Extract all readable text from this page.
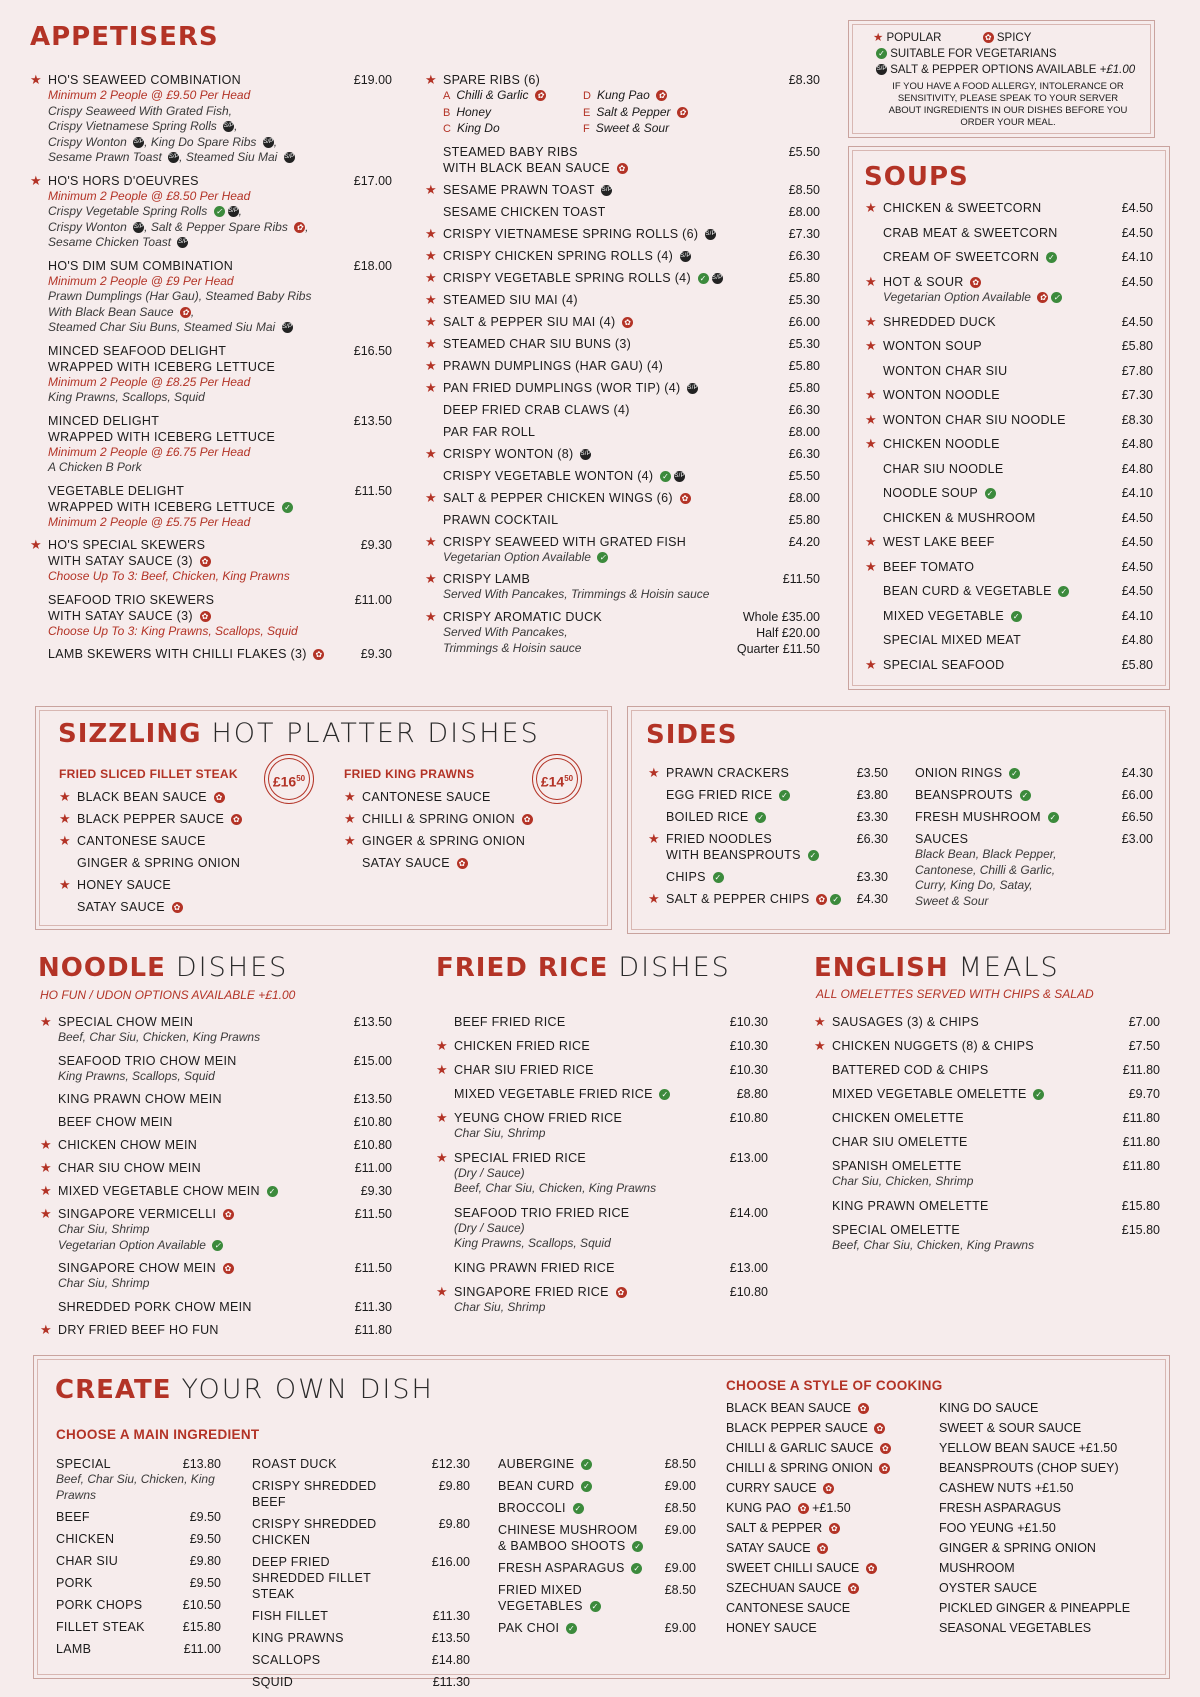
APPETISERS
★ HO'S SEAWEED COMBINATION	£19.00
Minimum 2 People @ £9.50 Per Head
Crispy Seaweed With Grated Fish,
Crispy Vietnamese Spring Rolls S/P,
Crispy Wonton S/P, King Do Spare Ribs S/P,
Sesame Prawn Toast S/P, Steamed Siu Mai S/P
★ HO'S HORS D'OEUVRES	£17.00
Minimum 2 People @ £8.50 Per Head
Crispy Vegetable Spring Rolls ✓ S/P,
Crispy Wonton S/P, Salt & Pepper Spare Ribs ✿ ,
Sesame Chicken Toast S/P
HO'S DIM SUM COMBINATION	£18.00
Minimum 2 People @ £9 Per Head
Prawn Dumplings (Har Gau), Steamed Baby Ribs
With Black Bean Sauce ✿ ,
Steamed Char Siu Buns, Steamed Siu Mai S/P
MINCED SEAFOOD DELIGHT	£16.50

WRAPPED WITH ICEBERG LETTUCE
Minimum 2 People @ £8.25 Per Head
King Prawns, Scallops, Squid
MINCED DELIGHT	£13.50

WRAPPED WITH ICEBERG LETTUCE
Minimum 2 People @ £6.75 Per Head
A Chicken B Pork
VEGETABLE DELIGHT	£11.50

WRAPPED WITH ICEBERG LETTUCE ✓
Minimum 2 People @ £5.75 Per Head
★ HO'S SPECIAL SKEWERS	£9.30

WITH SATAY SAUCE (3) ✿
Choose Up To 3: Beef, Chicken, King Prawns
SEAFOOD TRIO SKEWERS	£11.00

WITH SATAY SAUCE (3) ✿
Choose Up To 3: King Prawns, Scallops, Squid
LAMB SKEWERS WITH CHILLI FLAKES (3) ✿	£9.30
★ SPARE RIBS (6)	£8.30
A Chilli & Garlic ✿	D Kung Pao ✿
B Honey	E Salt & Pepper ✿
C King Do	F Sweet & Sour
STEAMED BABY RIBS	£5.50

WITH BLACK BEAN SAUCE ✿
★ SESAME PRAWN TOAST S/P	£8.50
SESAME CHICKEN TOAST	£8.00
★ CRISPY VIETNAMESE SPRING ROLLS (6) S/P	£7.30
★ CRISPY CHICKEN SPRING ROLLS (4) S/P	£6.30
★ CRISPY VEGETABLE SPRING ROLLS (4) ✓ S/P	£5.80
★ STEAMED SIU MAI (4)	£5.30
★ SALT & PEPPER SIU MAI (4) ✿	£6.00
★ STEAMED CHAR SIU BUNS (3)	£5.30
★ PRAWN DUMPLINGS (HAR GAU) (4)	£5.80
★ PAN FRIED DUMPLINGS (WOR TIP) (4) S/P	£5.80
DEEP FRIED CRAB CLAWS (4)	£6.30
PAR FAR ROLL	£8.00
★ CRISPY WONTON (8) S/P	£6.30
CRISPY VEGETABLE WONTON (4) ✓ S/P	£5.50
★ SALT & PEPPER CHICKEN WINGS (6) ✿	£8.00
PRAWN COCKTAIL	£5.80
★ CRISPY SEAWEED WITH GRATED FISH	£4.20
Vegetarian Option Available ✓
★ CRISPY LAMB	£11.50
Served With Pancakes, Trimmings & Hoisin sauce
★ CRISPY AROMATIC DUCK	Whole £35.00
Served With Pancakes,
Trimmings & Hoisin sauce
Half £20.00
Quarter £11.50
★ POPULAR	✿ SPICY
✓ SUITABLE FOR VEGETARIANS
S/P SALT & PEPPER OPTIONS AVAILABLE +£1.00
IF YOU HAVE A FOOD ALLERGY, INTOLERANCE OR SENSITIVITY, PLEASE SPEAK TO YOUR SERVER ABOUT INGREDIENTS IN OUR DISHES BEFORE YOU ORDER YOUR MEAL.
SOUPS
★ CHICKEN & SWEETCORN	£4.50
CRAB MEAT & SWEETCORN	£4.50
CREAM OF SWEETCORN ✓	£4.10
★ HOT & SOUR ✿	£4.50
Vegetarian Option Available ✿ ✓
★ SHREDDED DUCK	£4.50
★ WONTON SOUP	£5.80
WONTON CHAR SIU	£7.80
★ WONTON NOODLE	£7.30
★ WONTON CHAR SIU NOODLE	£8.30
★ CHICKEN NOODLE	£4.80
CHAR SIU NOODLE	£4.80
NOODLE SOUP ✓	£4.10
CHICKEN & MUSHROOM	£4.50
★ WEST LAKE BEEF	£4.50
★ BEEF TOMATO	£4.50
BEAN CURD & VEGETABLE ✓	£4.50
MIXED VEGETABLE ✓	£4.10
SPECIAL MIXED MEAT	£4.80
★ SPECIAL SEAFOOD	£5.80
SIZZLING HOT PLATTER DISHES
FRIED SLICED FILLET STEAK	$£16^{50}$
★ BLACK BEAN SAUCE ✿
★ BLACK PEPPER SAUCE ✿
★ CANTONESE SAUCE
GINGER & SPRING ONION
★ HONEY SAUCE
SATAY SAUCE ✿
FRIED KING PRAWNS	$£14^{50}$
★ CANTONESE SAUCE
★ CHILLI & SPRING ONION ✿
★ GINGER & SPRING ONION
SATAY SAUCE ✿
SIDES
★ PRAWN CRACKERS	£3.50
EGG FRIED RICE ✓	£3.80
BOILED RICE ✓	£3.30
★ FRIED NOODLES	£6.30

WITH BEANSPROUTS ✓
CHIPS ✓	£3.30
★ SALT & PEPPER CHIPS ✿ ✓ £4.30
ONION RINGS ✓	£4.30
BEANSPROUTS ✓	£6.00
FRESH MUSHROOM ✓	£6.50
SAUCES	£3.00
Black Bean, Black Pepper,
Cantonese, Chilli & Garlic,
Curry, King Do, Satay,
Sweet & Sour
NOODLE DISHES
HO FUN / UDON OPTIONS AVAILABLE +£1.00
★ SPECIAL CHOW MEIN	£13.50
Beef, Char Siu, Chicken, King Prawns
SEAFOOD TRIO CHOW MEIN	£15.00
King Prawns, Scallops, Squid
KING PRAWN CHOW MEIN	£13.50
BEEF CHOW MEIN	£10.80
★ CHICKEN CHOW MEIN	£10.80
★ CHAR SIU CHOW MEIN	£11.00
★ MIXED VEGETABLE CHOW MEIN ✓	£9.30
★ SINGAPORE VERMICELLI ✿	£11.50
Char Siu, Shrimp
Vegetarian Option Available ✓
SINGAPORE CHOW MEIN ✿	£11.50
Char Siu, Shrimp
SHREDDED PORK CHOW MEIN	£11.30
★ DRY FRIED BEEF HO FUN	£11.80
FRIED RICE DISHES
BEEF FRIED RICE	£10.30
★ CHICKEN FRIED RICE	£10.30
★ CHAR SIU FRIED RICE	£10.30
MIXED VEGETABLE FRIED RICE ✓	£8.80
★ YEUNG CHOW FRIED RICE	£10.80
Char Siu, Shrimp
★ SPECIAL FRIED RICE	£13.00
(Dry / Sauce)
Beef, Char Siu, Chicken, King Prawns
SEAFOOD TRIO FRIED RICE	£14.00
(Dry / Sauce)
King Prawns, Scallops, Squid
KING PRAWN FRIED RICE	£13.00
★ SINGAPORE FRIED RICE ✿	£10.80
Char Siu, Shrimp
ENGLISH MEALS
ALL OMELETTES SERVED WITH CHIPS & SALAD
★ SAUSAGES (3) & CHIPS	£7.00
★ CHICKEN NUGGETS (8) & CHIPS	£7.50
BATTERED COD & CHIPS	£11.80
MIXED VEGETABLE OMELETTE ✓	£9.70
CHICKEN OMELETTE	£11.80
CHAR SIU OMELETTE	£11.80
SPANISH OMELETTE	£11.80
Char Siu, Chicken, Shrimp
KING PRAWN OMELETTE	£15.80
SPECIAL OMELETTE	£15.80
Beef, Char Siu, Chicken, King Prawns
CREATE YOUR OWN DISH
CHOOSE A MAIN INGREDIENT
CHOOSE A STYLE OF COOKING
SPECIAL	£13.80
Beef, Char Siu, Chicken, King Prawns
BEEF	£9.50
CHICKEN	£9.50
CHAR SIU	£9.80
PORK	£9.50
PORK CHOPS	£10.50
FILLET STEAK	£15.80
LAMB	£11.00
ROAST DUCK	£12.30
CRISPY SHREDDED BEEF
£9.80
CRISPY SHREDDED CHICKEN
£9.80
DEEP FRIED SHREDDED FILLET STEAK
£16.00
FISH FILLET	£11.30
KING PRAWNS	£13.50
SCALLOPS	£14.80
SQUID	£11.30
AUBERGINE ✓	£8.50
BEAN CURD ✓	£9.00
BROCCOLI ✓	£8.50
CHINESE MUSHROOM & BAMBOO SHOOTS ✓
£9.00
FRESH ASPARAGUS ✓ £9.00
FRIED MIXED VEGETABLES ✓
£8.50
PAK CHOI ✓	£9.00
BLACK BEAN SAUCE ✿
BLACK PEPPER SAUCE ✿
CHILLI & GARLIC SAUCE ✿
CHILLI & SPRING ONION ✿
CURRY SAUCE ✿
KUNG PAO ✿ +£1.50
SALT & PEPPER ✿
SATAY SAUCE ✿
SWEET CHILLI SAUCE ✿
SZECHUAN SAUCE ✿
CANTONESE SAUCE
HONEY SAUCE
KING DO SAUCE
SWEET & SOUR SAUCE
YELLOW BEAN SAUCE +£1.50
BEANSPROUTS (CHOP SUEY)
CASHEW NUTS +£1.50
FRESH ASPARAGUS
FOO YEUNG +£1.50
GINGER & SPRING ONION
MUSHROOM
OYSTER SAUCE
PICKLED GINGER & PINEAPPLE
SEASONAL VEGETABLES
